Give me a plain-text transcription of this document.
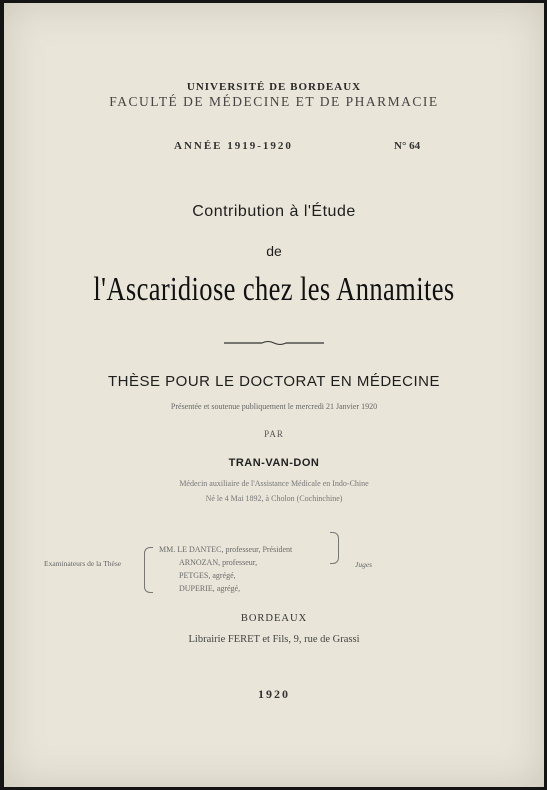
UNIVERSITÉ DE BORDEAUX
FACULTÉ DE MÉDECINE ET DE PHARMACIE
ANNÉE 1919-1920	N° 64
Contribution à l'Étude
de
l'Ascaridiose chez les Annamites
THÈSE POUR LE DOCTORAT EN MÉDECINE
Présentée et soutenue publiquement le mercredi 21 Janvier 1920
PAR
TRAN-VAN-DON
Médecin auxiliaire de l'Assistance Médicale en Indo-Chine
Né le 4 Mai 1892, à Cholon (Cochinchine)
Examinateurs de la Thèse
MM. LE DANTEC, professeur, Président
ARNOZAN, professeur,
PETGES, agrégé,
DUPERIE, agrégé,
Juges
BORDEAUX
Librairie FERET et Fils, 9, rue de Grassi
1920
